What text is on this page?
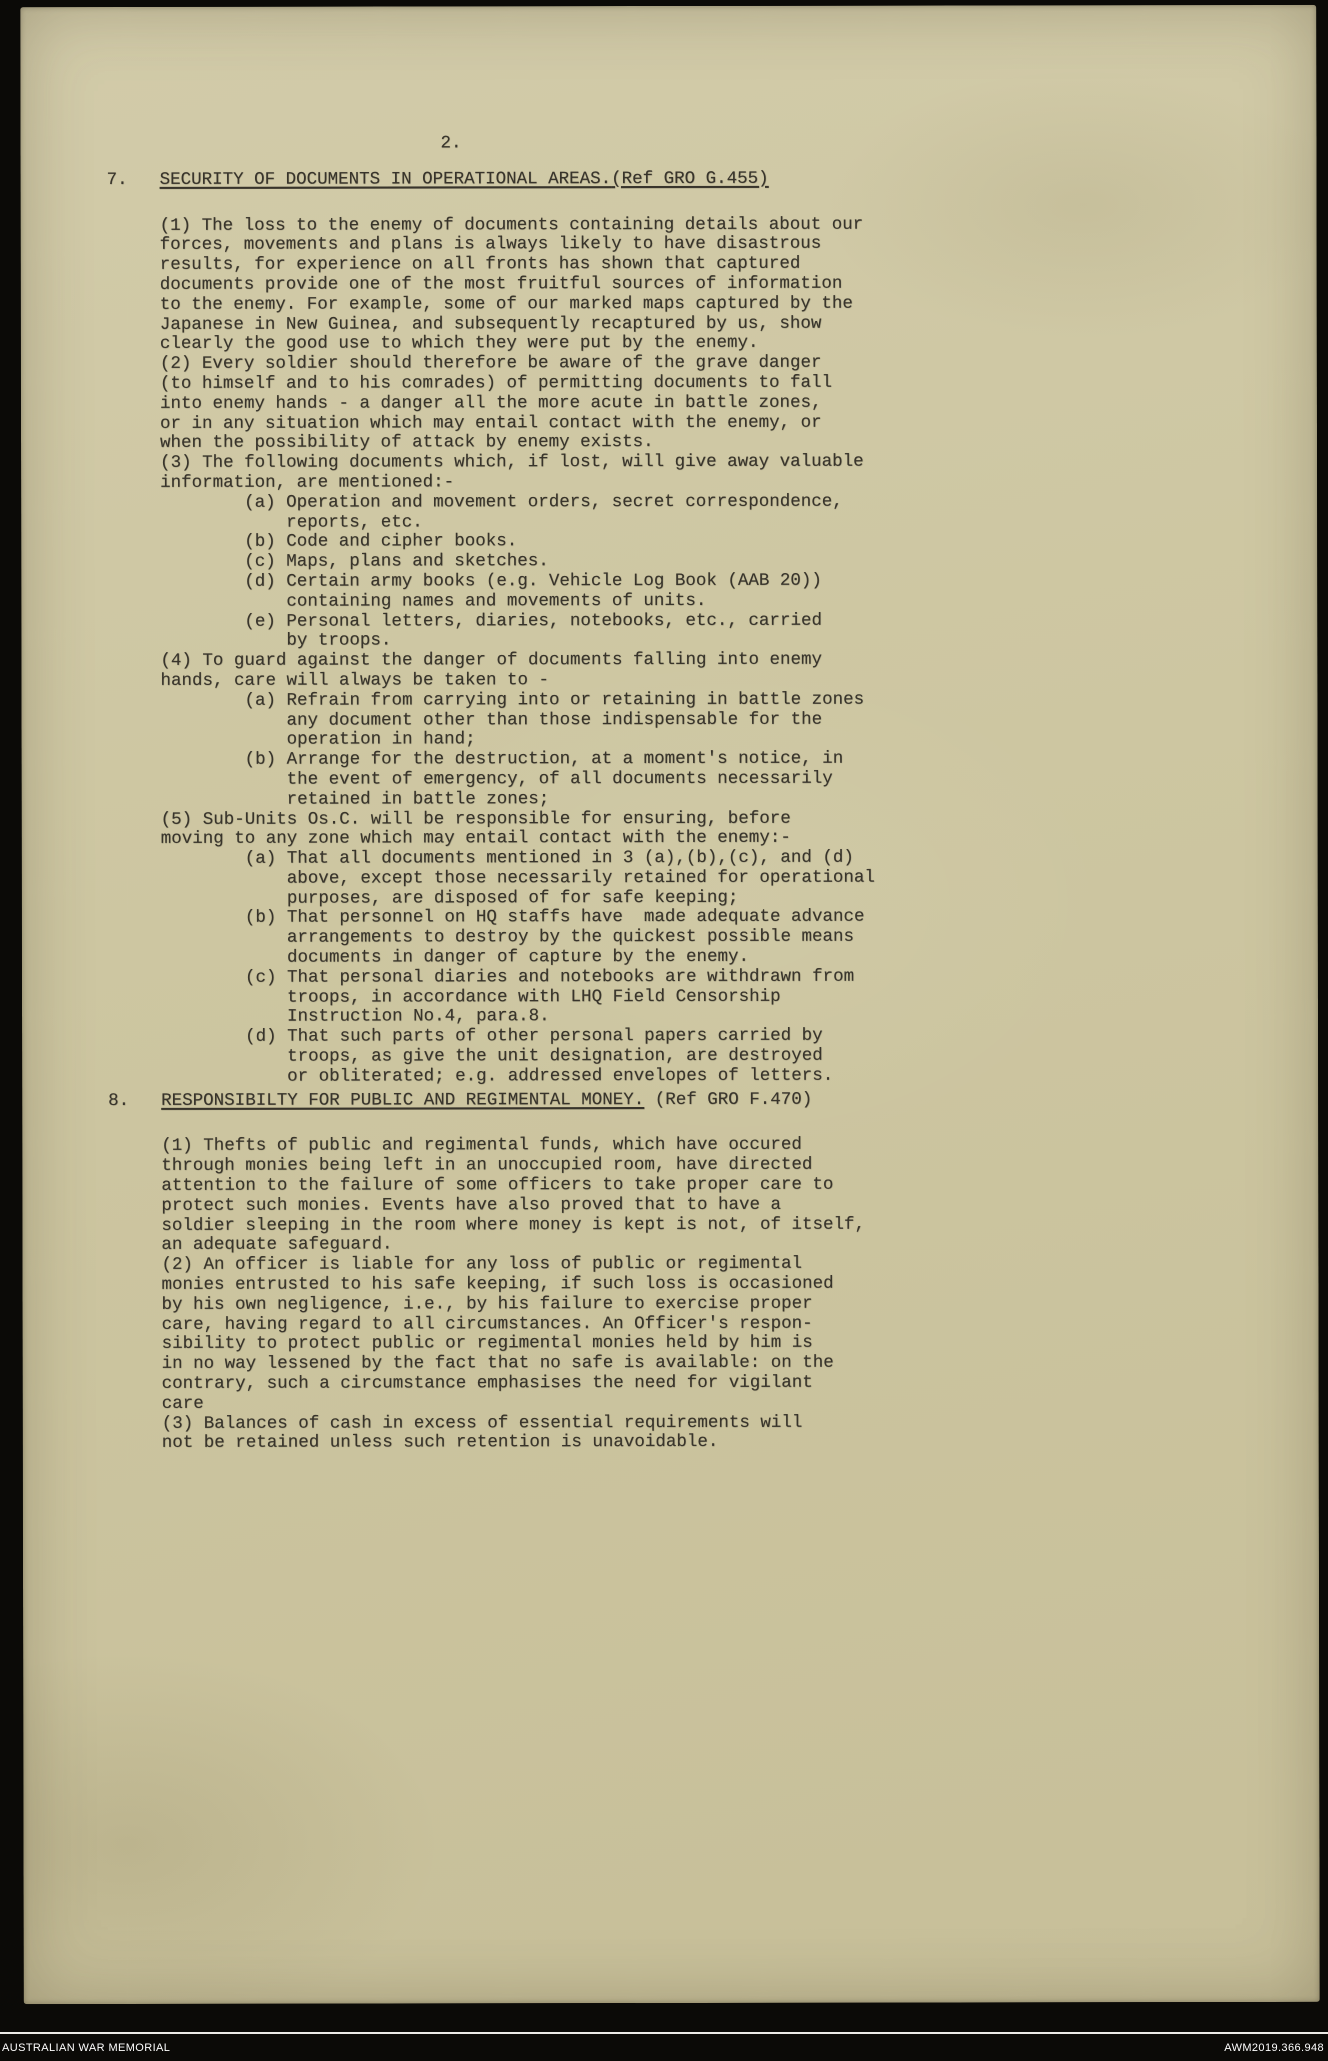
2.
7. SECURITY OF DOCUMENTS IN OPERATIONAL AREAS.(Ref GRO G.455)
(1) The loss to the enemy of documents containing details about our
forces, movements and plans is always likely to have disastrous
results, for experience on all fronts has shown that captured
documents provide one of the most fruitful sources of information
to the enemy. For example, some of our marked maps captured by the
Japanese in New Guinea, and subsequently recaptured by us, show
clearly the good use to which they were put by the enemy.
(2) Every soldier should therefore be aware of the grave danger
(to himself and to his comrades) of permitting documents to fall
into enemy hands - a danger all the more acute in battle zones,
or in any situation which may entail contact with the enemy, or
when the possibility of attack by enemy exists.
(3) The following documents which, if lost, will give away valuable
information, are mentioned:-
(a) Operation and movement orders, secret correspondence,
reports, etc.
(b) Code and cipher books.
(c) Maps, plans and sketches.
(d) Certain army books (e.g. Vehicle Log Book (AAB 20))
containing names and movements of units.
(e) Personal letters, diaries, notebooks, etc., carried
by troops.
(4) To guard against the danger of documents falling into enemy
hands, care will always be taken to -
(a) Refrain from carrying into or retaining in battle zones
any document other than those indispensable for the
operation in hand;
(b) Arrange for the destruction, at a moment's notice, in
the event of emergency, of all documents necessarily
retained in battle zones;
(5) Sub-Units Os.C. will be responsible for ensuring, before
moving to any zone which may entail contact with the enemy:-
(a) That all documents mentioned in 3 (a),(b),(c), and (d)
above, except those necessarily retained for operational
purposes, are disposed of for safe keeping;
(b) That personnel on HQ staffs have  made adequate advance
arrangements to destroy by the quickest possible means
documents in danger of capture by the enemy.
(c) That personal diaries and notebooks are withdrawn from
troops, in accordance with LHQ Field Censorship
Instruction No.4, para.8.
(d) That such parts of other personal papers carried by
troops, as give the unit designation, are destroyed
or obliterated; e.g. addressed envelopes of letters.
8. RESPONSIBILTY FOR PUBLIC AND REGIMENTAL MONEY. (Ref GRO F.470)
(1) Thefts of public and regimental funds, which have occured
through monies being left in an unoccupied room, have directed
attention to the failure of some officers to take proper care to
protect such monies. Events have also proved that to have a
soldier sleeping in the room where money is kept is not, of itself,
an adequate safeguard.
(2) An officer is liable for any loss of public or regimental
monies entrusted to his safe keeping, if such loss is occasioned
by his own negligence, i.e., by his failure to exercise proper
care, having regard to all circumstances. An Officer's respon-
sibility to protect public or regimental monies held by him is
in no way lessened by the fact that no safe is available: on the
contrary, such a circumstance emphasises the need for vigilant
care
(3) Balances of cash in excess of essential requirements will
not be retained unless such retention is unavoidable.
AUSTRALIAN WAR MEMORIAL	AWM2019.366.948
